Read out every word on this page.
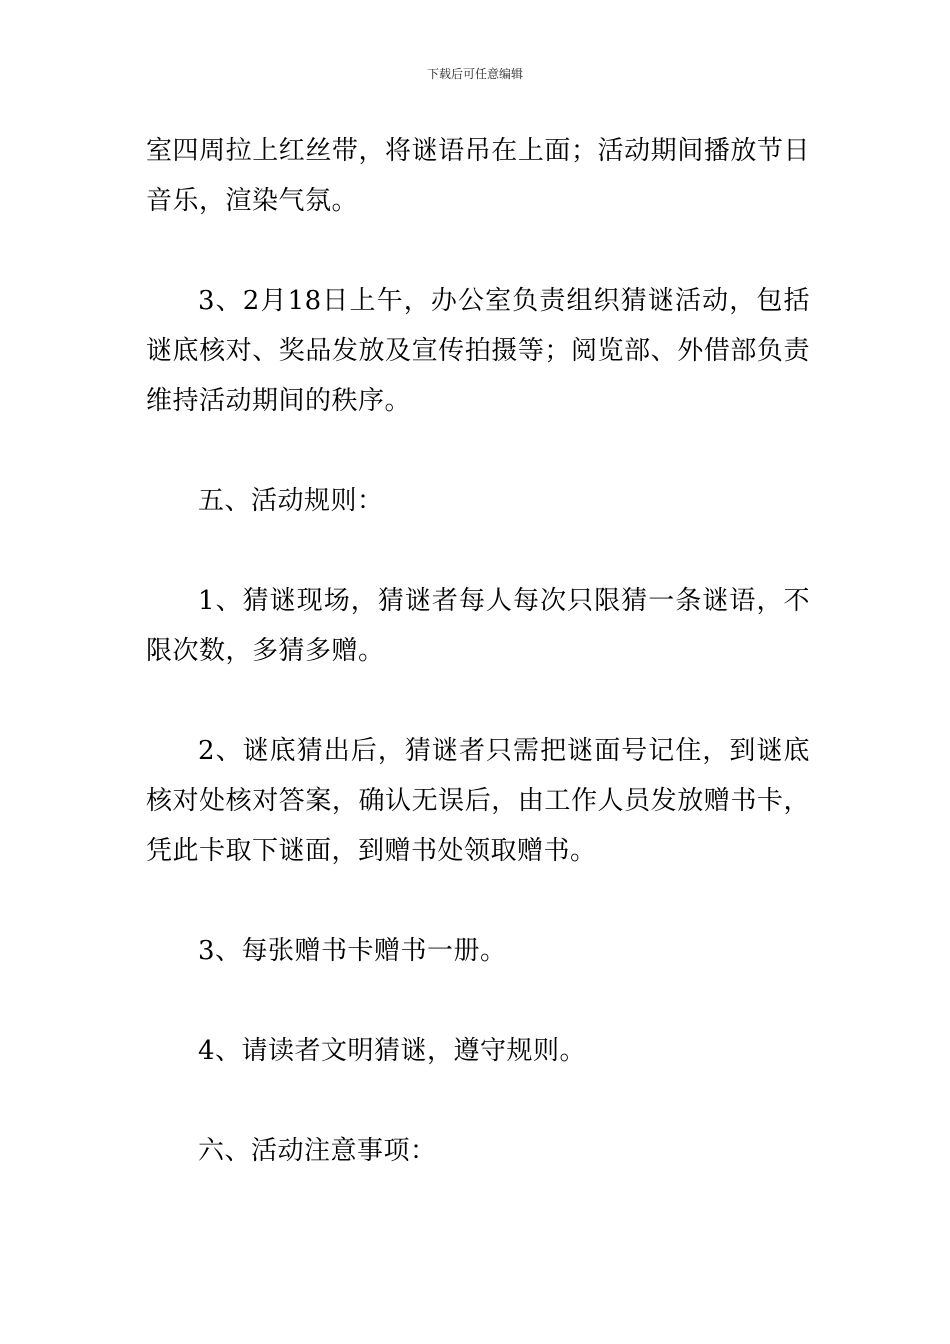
下载后可任意编辑

室四周拉上红丝带，将谜语吊在上面；活动期间播放节日音乐，渲染气氛。

3、2月18日上午，办公室负责组织猜谜活动，包括谜底核对、奖品发放及宣传拍摄等；阅览部、外借部负责维持活动期间的秩序。

五、活动规则：

1、猜谜现场，猜谜者每人每次只限猜一条谜语，不限次数，多猜多赠。

2、谜底猜出后，猜谜者只需把谜面号记住，到谜底核对处核对答案，确认无误后，由工作人员发放赠书卡，凭此卡取下谜面，到赠书处领取赠书。

3、每张赠书卡赠书一册。

4、请读者文明猜谜，遵守规则。

六、活动注意事项：
